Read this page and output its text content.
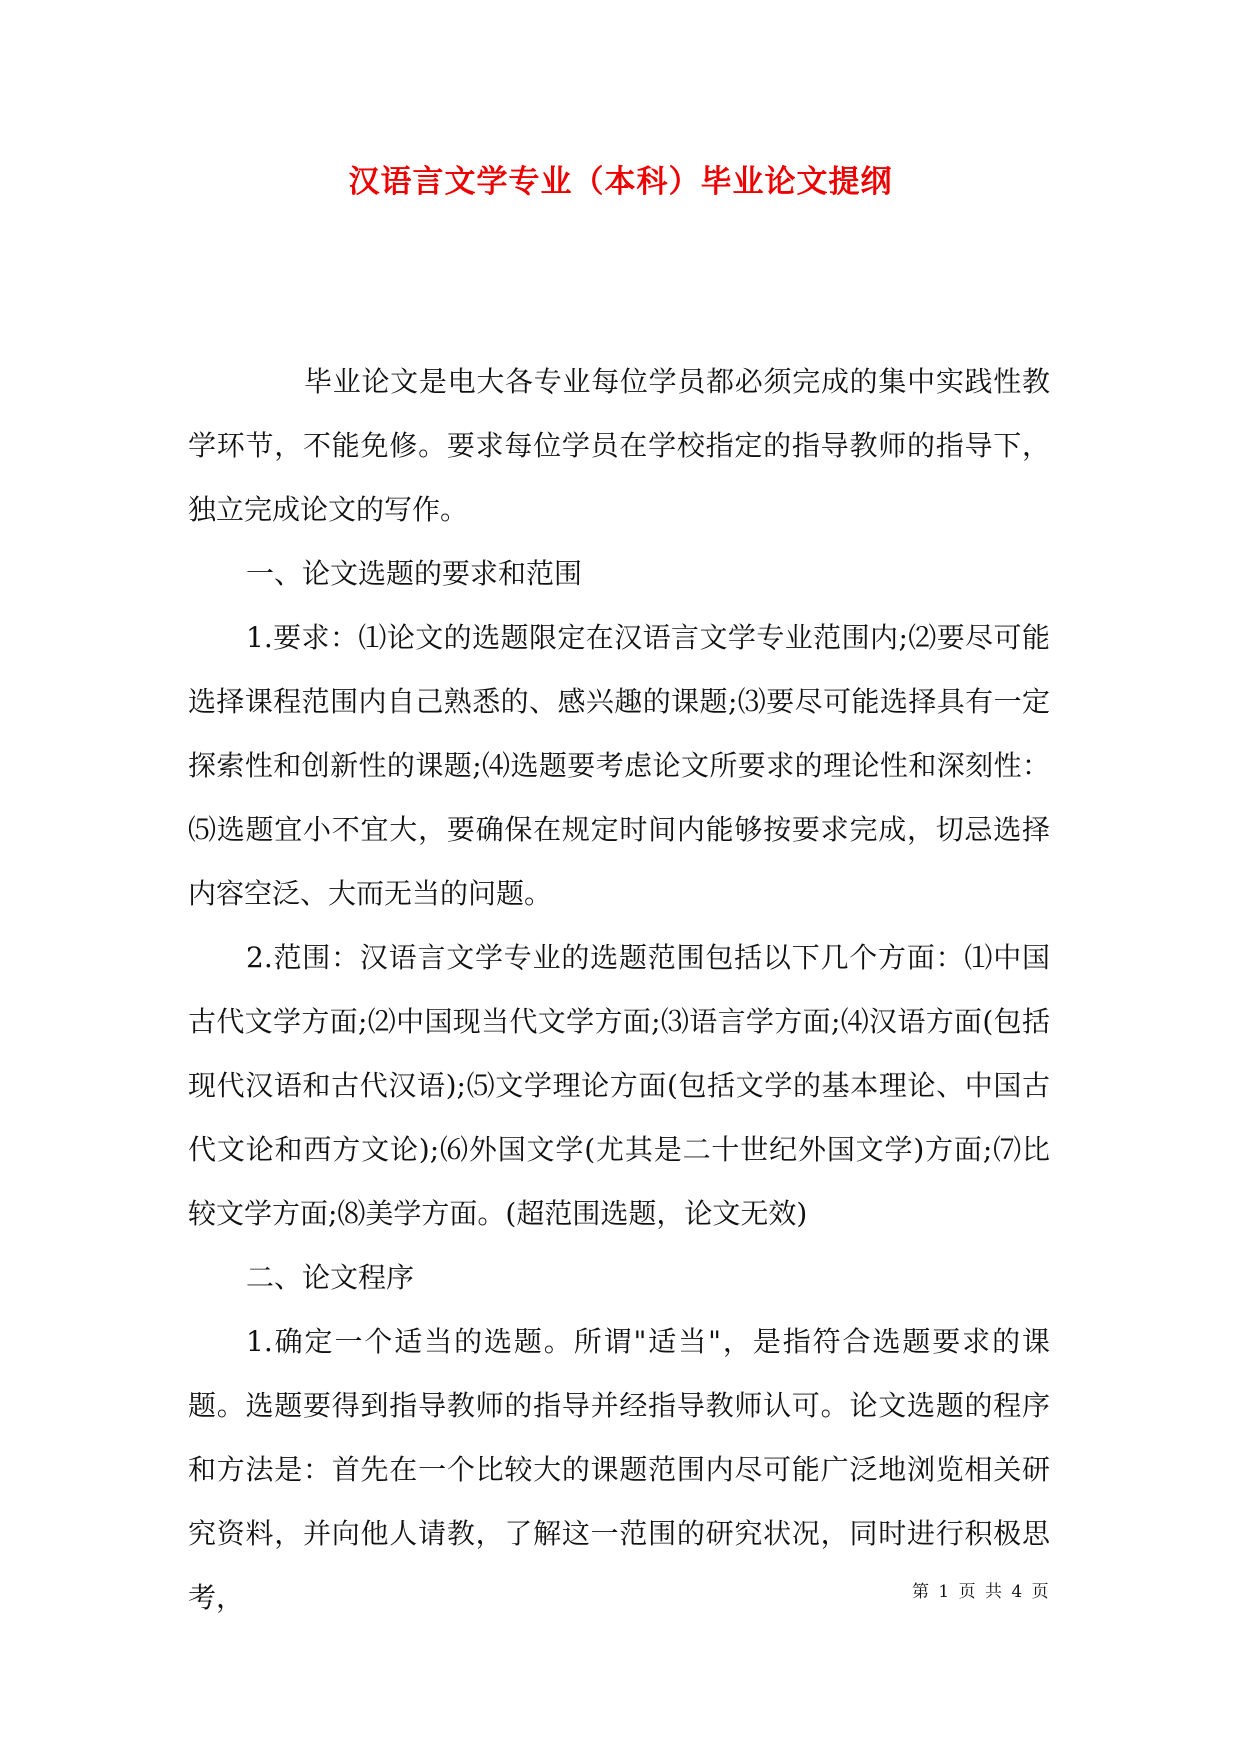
汉语言文学专业（本科）毕业论文提纲

毕业论文是电大各专业每位学员都必须完成的集中实践性教学环节，不能免修。要求每位学员在学校指定的指导教师的指导下，独立完成论文的写作。

一、论文选题的要求和范围

1.要求：⑴论文的选题限定在汉语言文学专业范围内;⑵要尽可能选择课程范围内自己熟悉的、感兴趣的课题;⑶要尽可能选择具有一定探索性和创新性的课题;⑷选题要考虑论文所要求的理论性和深刻性：⑸选题宜小不宜大，要确保在规定时间内能够按要求完成，切忌选择内容空泛、大而无当的问题。

2.范围：汉语言文学专业的选题范围包括以下几个方面：⑴中国古代文学方面;⑵中国现当代文学方面;⑶语言学方面;⑷汉语方面(包括现代汉语和古代汉语);⑸文学理论方面(包括文学的基本理论、中国古代文论和西方文论);⑹外国文学(尤其是二十世纪外国文学)方面;⑺比较文学方面;⑻美学方面。(超范围选题，论文无效)

二、论文程序

1.确定一个适当的选题。所谓"适当"，是指符合选题要求的课题。选题要得到指导教师的指导并经指导教师认可。论文选题的程序和方法是：首先在一个比较大的课题范围内尽可能广泛地浏览相关研究资料，并向他人请教，了解这一范围的研究状况，同时进行积极思考，	第 1 页 共 4 页
